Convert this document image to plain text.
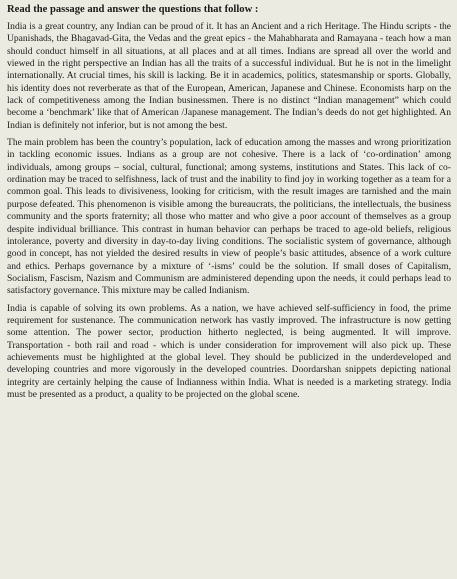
Read the passage and answer the questions that follow :

India is a great country, any Indian can be proud of it. It has an Ancient and a rich Heritage. The Hindu scripts - the Upanishads, the Bhagavad-Gita, the Vedas and the great epics - the Mahabharata and Ramayana - teach how a man should conduct himself in all situations, at all places and at all times. Indians are spread all over the world and viewed in the right perspective an Indian has all the traits of a successful individual. But he is not in the limelight internationally. At crucial times, his skill is lacking. Be it in academics, politics, statesmanship or sports. Globally, his identity does not reverberate as that of the European, American, Japanese and Chinese. Economists harp on the lack of competitiveness among the Indian businessmen. There is no distinct “Indian management” which could become a ‘benchmark’ like that of American /Japanese management. The Indian’s deeds do not get highlighted. An Indian is definitely not inferior, but is not among the best.

The main problem has been the country’s population, lack of education among the masses and wrong prioritization in tackling economic issues. Indians as a group are not cohesive. There is a lack of ‘co-ordination’ among individuals, among groups – social, cultural, functional; among systems, institutions and States. This lack of co-ordination may be traced to selfishness, lack of trust and the inability to find joy in working together as a team for a common goal. This leads to divisiveness, looking for criticism, with the result images are tarnished and the main purpose defeated. This phenomenon is visible among the bureaucrats, the politicians, the intellectuals, the business community and the sports fraternity; all those who matter and who give a poor account of themselves as a group despite individual brilliance. This contrast in human behavior can perhaps be traced to age-old beliefs, religious intolerance, poverty and diversity in day-to-day living conditions. The socialistic system of governance, although good in concept, has not yielded the desired results in view of people’s basic attitudes, absence of a work culture and ethics. Perhaps governance by a mixture of ‘-isms’ could be the solution. If small doses of Capitalism, Socialism, Fascism, Nazism and Communism are administered depending upon the needs, it could perhaps lead to satisfactory governance. This mixture may be called Indianism.

India is capable of solving its own problems. As a nation, we have achieved self-sufficiency in food, the prime requirement for sustenance. The communication network has vastly improved. The infrastructure is now getting some attention. The power sector, production hitherto neglected, is being augmented. It will improve. Transportation - both rail and road - which is under consideration for improvement will also pick up. These achievements must be highlighted at the global level. They should be publicized in the underdeveloped and developing countries and more vigorously in the developed countries. Doordarshan snippets depicting national integrity are certainly helping the cause of Indianness within India. What is needed is a marketing strategy. India must be presented as a product, a quality to be projected on the global scene.
